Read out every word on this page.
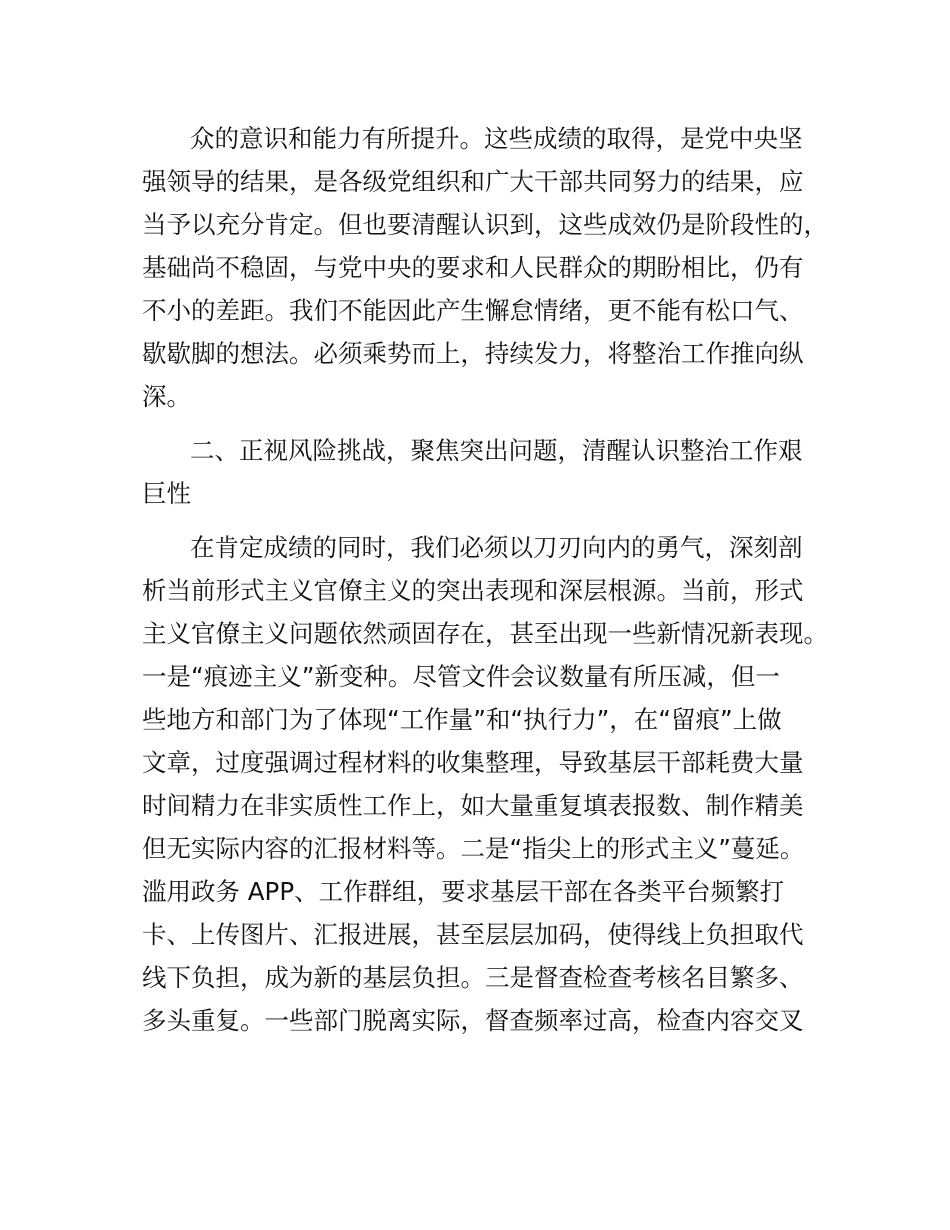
众的意识和能力有所提升。这些成绩的取得，是党中央坚
强领导的结果，是各级党组织和广大干部共同努力的结果，应
当予以充分肯定。但也要清醒认识到，这些成效仍是阶段性的，
基础尚不稳固，与党中央的要求和人民群众的期盼相比，仍有
不小的差距。我们不能因此产生懈怠情绪，更不能有松口气、
歇歇脚的想法。必须乘势而上，持续发力，将整治工作推向纵
深。
二、正视风险挑战，聚焦突出问题，清醒认识整治工作艰
巨性
在肯定成绩的同时，我们必须以刀刃向内的勇气，深刻剖
析当前形式主义官僚主义的突出表现和深层根源。当前，形式
主义官僚主义问题依然顽固存在，甚至出现一些新情况新表现。
一是“痕迹主义”新变种。尽管文件会议数量有所压减，但一
些地方和部门为了体现“工作量”和“执行力”，在“留痕”上做
文章，过度强调过程材料的收集整理，导致基层干部耗费大量
时间精力在非实质性工作上，如大量重复填表报数、制作精美
但无实际内容的汇报材料等。二是“指尖上的形式主义”蔓延。
滥用政务 APP、工作群组，要求基层干部在各类平台频繁打
卡、上传图片、汇报进展，甚至层层加码，使得线上负担取代
线下负担，成为新的基层负担。三是督查检查考核名目繁多、
多头重复。一些部门脱离实际，督查频率过高，检查内容交叉
